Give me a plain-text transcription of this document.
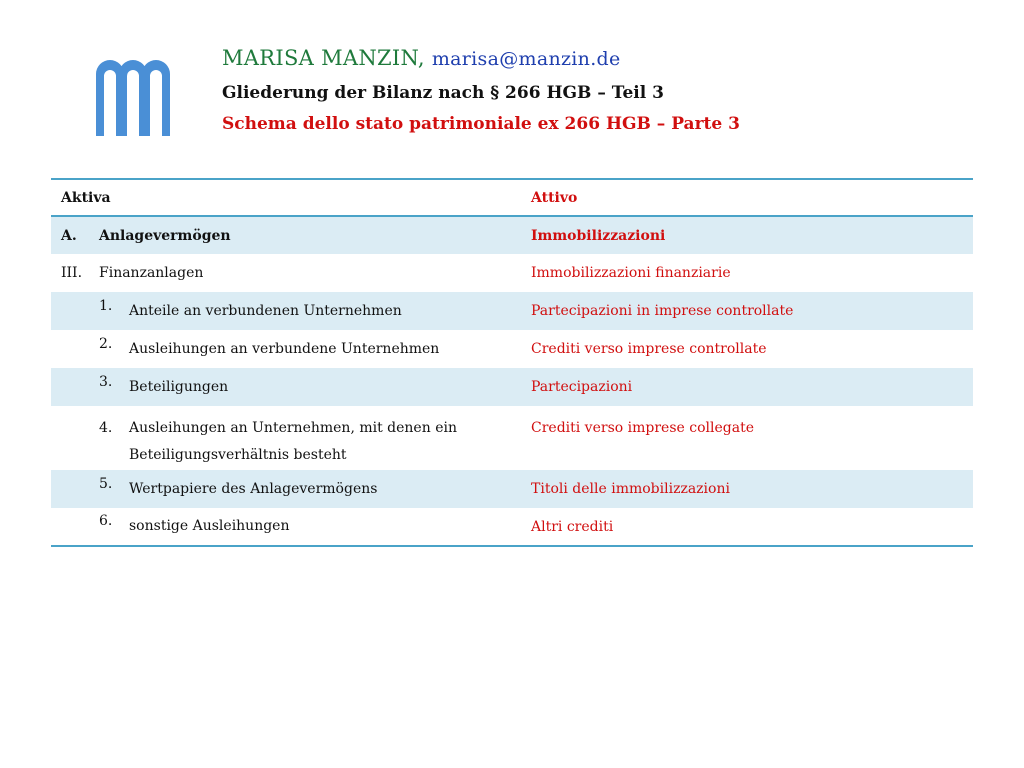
MARISA MANZIN, marisa@manzin.de
Gliederung der Bilanz nach § 266 HGB – Teil 3
Schema dello stato patrimoniale ex 266 HGB – Parte 3
Aktiva		Attivo
A.	Anlagevermögen	Immobilizzazioni
III.	Finanzanlagen	Immobilizzazioni finanziarie

	1. Anteile an verbundenen Unternehmen	Partecipazioni in imprese controllate

	2. Ausleihungen an verbundene Unternehmen	Crediti verso imprese controllate

	3. Beteiligungen	Partecipazioni

	4. Ausleihungen an Unternehmen, mit denen ein Beteiligungsverhältnis besteht	Crediti verso imprese collegate

	5. Wertpapiere des Anlagevermögens	Titoli delle immobilizzazioni

	6. sonstige Ausleihungen	Altri crediti
